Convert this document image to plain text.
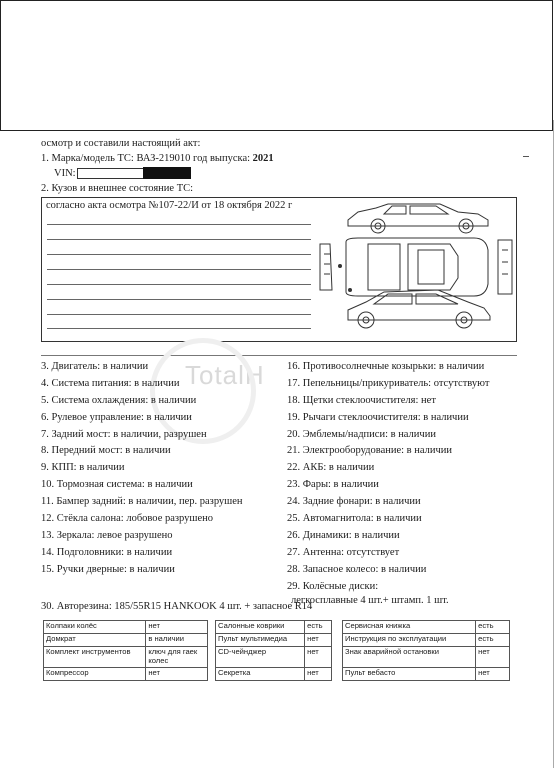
осмотр и составили настоящий акт:
1. Марка/модель ТС: ВАЗ-219010 год выпуска: 2021
VIN:
2. Кузов и внешнее состояние ТС:
согласно акта осмотра №107-22/И от 18 октября 2022 г
TotalH
3. Двигатель: в наличии
4. Система питания: в наличии
5. Система охлаждения: в наличии
6. Рулевое управление: в наличии
7. Задний мост: в наличии, разрушен
8. Передний мост: в наличии
9. КПП: в наличии
10. Тормозная система: в наличии
11. Бампер задний: в наличии, пер. разрушен
12. Стёкла салона: лобовое разрушено
13. Зеркала: левое разрушено
14. Подголовники: в наличии
15. Ручки дверные: в наличии
16. Противосолнечные козырьки: в наличии
17. Пепельницы/прикуриватель: отсутствуют
18. Щетки стеклоочистителя: нет
19. Рычаги стеклоочистителя: в наличии
20. Эмблемы/надписи: в наличии
21. Электрооборудование: в наличии
22. АКБ: в наличии
23. Фары: в наличии
24. Задние фонари: в наличии
25. Автомагнитола: в наличии
26. Динамики: в наличии
27. Антенна: отсутствует
28. Запасное колесо: в наличии
29. Колёсные диски:
легкосплавные 4 шт.+ штамп. 1 шт.
30. Авторезина: 185/55R15 HANKOOK 4 шт. + запасное R14
Колпаки колёс	нет
Домкрат	в наличии
Комплект инструментов	ключ для гаек колес
Компрессор	нет
Салонные коврики	есть
Пульт мультимедиа	нет
CD-чейнджер	нет
Секретка	нет
Сервисная книжка	есть
Инструкция по эксплуатации	есть
Знак аварийной остановки	нет
Пульт вебасто	нет
